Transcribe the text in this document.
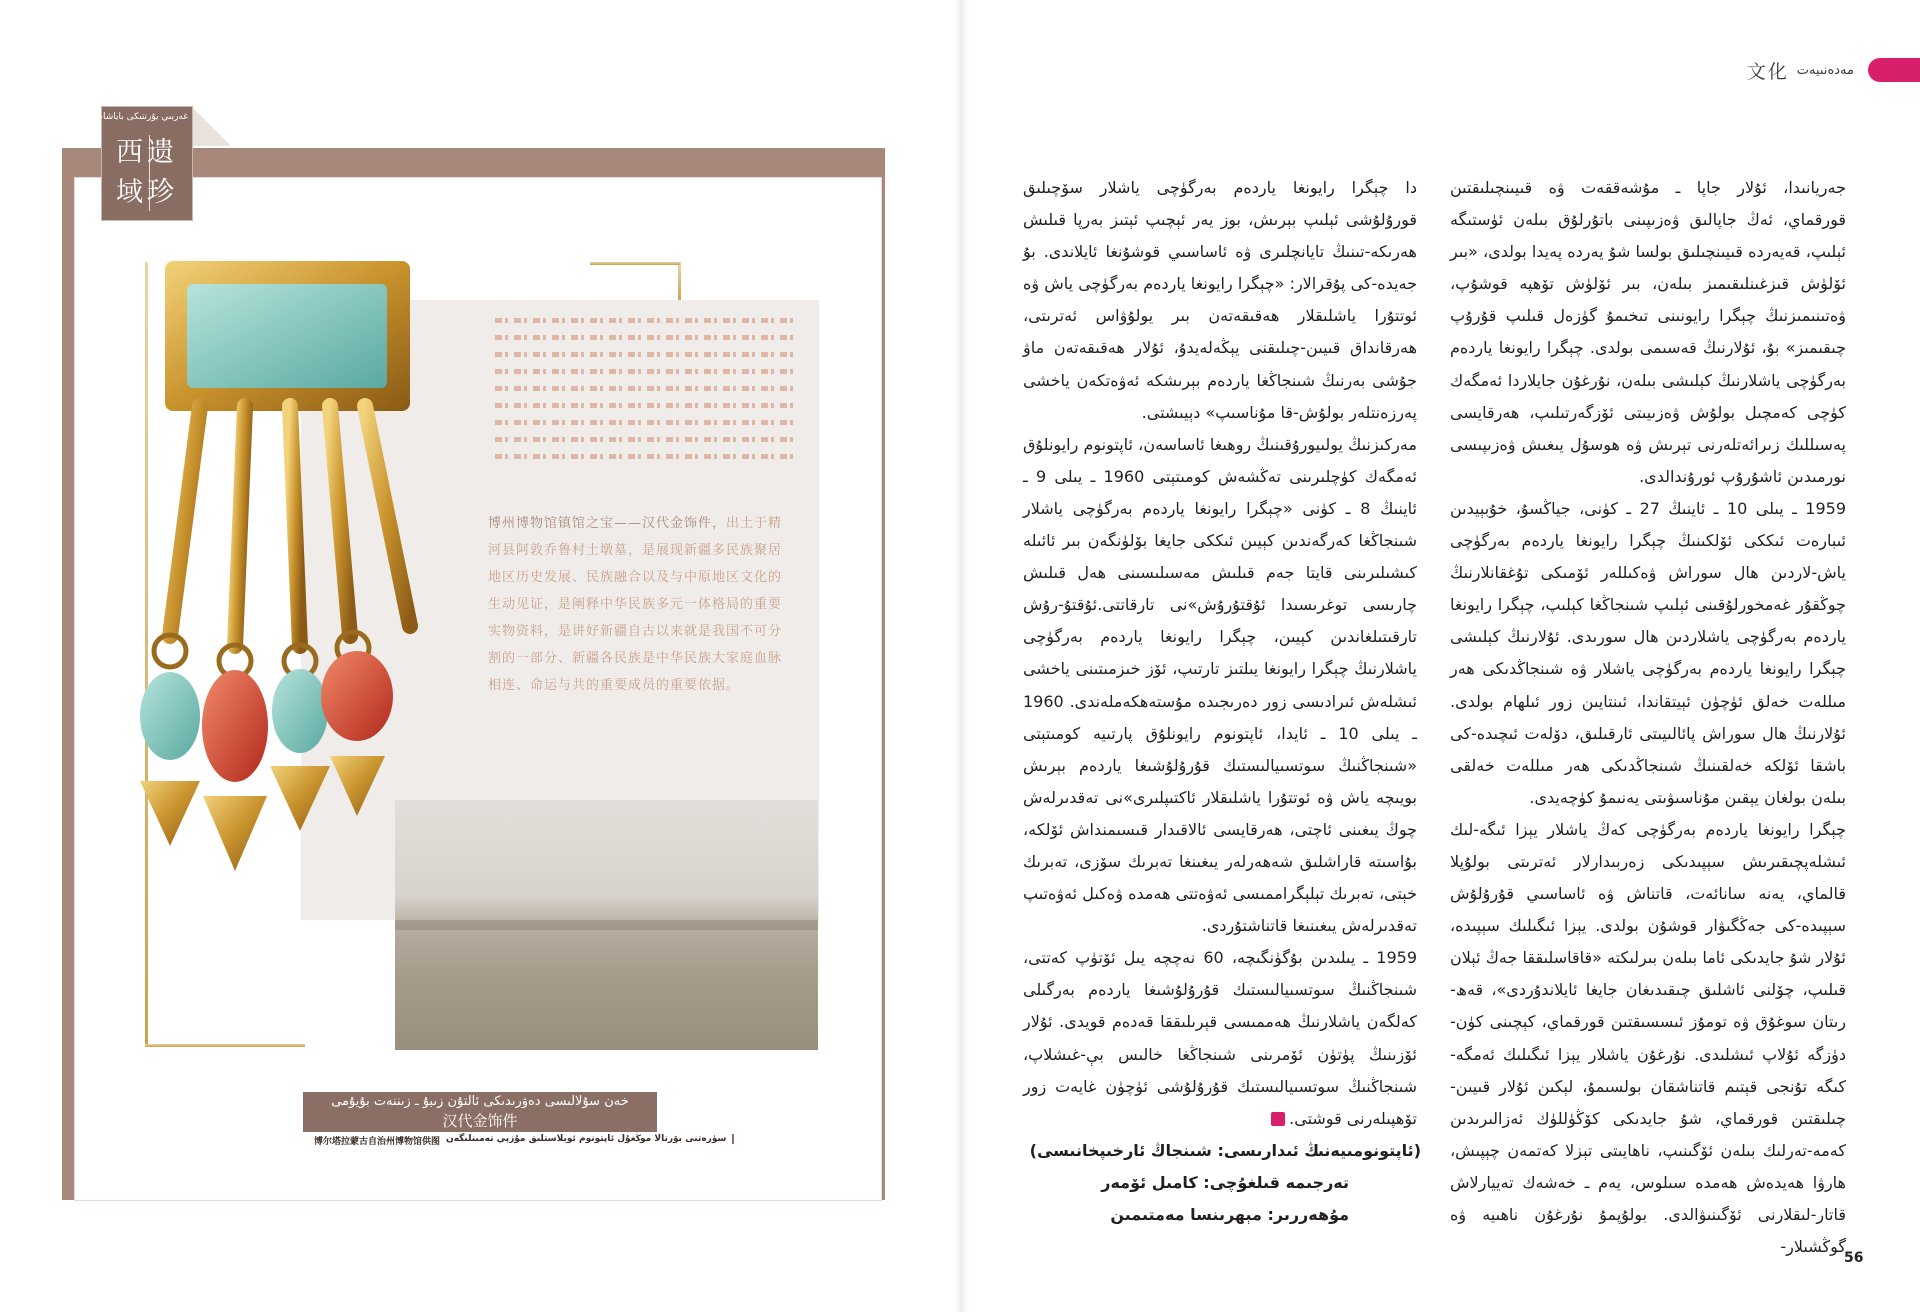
文化 مەدەنىيەت
غەربىي يۇرتتىكى باياشات تىزمىلار
西遗 域珍
博州博物馆镇馆之宝——汉代金饰件，出土于精河县阿敦乔鲁村土墩墓，是展现新疆多民族聚居地区历史发展、民族融合以及与中原地区文化的生动见证，是阐释中华民族多元一体格局的重要实物资料，是讲好新疆自古以来就是我国不可分割的一部分、新疆各民族是中华民族大家庭血脉相连、命运与共的重要成员的重要依据。
خەن سۇلالىسى دەۋرىدىكى ئالتۇن زىبۇ ـ زىننەت بۇيۇمى
汉代金饰件
博尔塔拉蒙古自治州博物馆供图 سۈرەتنى بۆرتالا موڭغۇل ئاپتونوم ئوبلاستلىق مۇزېي تەمىنلىگەن

دا چېگرا رايونغا يارد‌ەم بەرگۈچى ياشلار سۆچىلىق قورۇلۇشى ئېلىپ بېرىش، بوز يەر ئېچىپ ئېتىز بەرپا قىلىش ھەرىكە-تىنىڭ تايانچلىرى ۋە ئاساسىي قوشۇنغا ئايلاندى. بۇ جەيدە-كى پۇقرالار: «چېگرا رايونغا يارد‌ەم بەرگۈچى ياش ۋە ئوتتۇرا ياشلىقلار ھەقىقەتەن بىر يولۇۋاس ئەترىتى، ھەرقانداق قىيىن-چىلىقنى يېڭەلەيدۇ، ئۇلار ھەقىقەتەن ماۋ جۇشى بەرنىڭ شىنجاڭغا يارد‌ەم بېرىشكە ئەۋەتكەن ياخشى پەرزەنتلەر بولۇش-قا مۇناسىپ» دېيىشتى.

مەركىزنىڭ يولىيورۇقىنىڭ روھىغا ئاساسەن، ئاپتونوم رايونلۇق ئەمگەك كۈچلىرىنى تەڭشەش كومىتېتى 1960 ـ يىلى 9 ـ ئاينىڭ 8 ـ كۈنى «چېگرا رايونغا يارد‌ەم بەرگۈچى ياشلار شىنجاڭغا كەرگەندىن كېيىن ئىككى جايغا بۆلۈنگەن بىر ئائىلە كىشىلىرىنى قايتا جەم قىلىش مەسىلىسىنى ھەل قىلىش چارىسى توغرىسىدا ئۇقتۇرۇش»نى تارقاتتى.ئۇقتۇ-رۇش تارقىتىلغاندىن كېيىن، چېگرا رايونغا يارد‌ەم بەرگۈچى ياشلارنىڭ چېگرا رايونغا يىلتىز تارتىپ، ئۆز خىزمىتىنى ياخشى ئىشلەش ئىرادىسى زور دەرىجىدە مۇستەھكەملەندى. 1960 ـ يىلى 10 ـ ئايدا، ئاپتونوم رايونلۇق پارتىيە كومىتېتى «شىنجاڭنىڭ سوتسىيالىستىك قۇرۇلۇشىغا يارد‌ەم بېرىش بويىچە ياش ۋە ئوتتۇرا ياشلىقلار ئاكتىپلىرى»نى تەقدىرلەش چوڭ يىغىنى ئاچتى، ھەرقايسى ئالاقىدار قىسىمنداش ئۆلكە، بۇاسىتە قاراشلىق شەھەرلەر يىغىنغا تەبرىك سۆزى، تەبرىك خېتى، تەبرىك تېلېگراممىسى ئەۋەتتى ھەمدە ۋەكىل ئەۋەتىپ تەقدىرلەش يىغىنىغا قاتناشتۇردى.

1959 ـ يىلىدىن بۇگۈنگىچە، 60 نەچچە يىل ئۆتۈپ كەتتى، شىنجاڭنىڭ سوتسىيالىستىك قۇرۇلۇشىغا يارد‌ەم بەرگىلى كەلگەن ياشلارنىڭ ھەممىسى قېرىلىققا قەدەم قويدى. ئۇلار ئۆزىنىڭ پۈتۈن ئۆمرىنى شىنجاڭغا خالىس بې-غىشلاپ، شىنجاڭنىڭ سوتسىيالىستىك قۇرۇلۇشى ئۈچۈن غايەت زور تۆھپىلەرنى قوشتى.

(ئاپتونومىيەنىڭ ئىدارىسى: شىنجاڭ ئارخىپخانىسى)
تەرجىمە قىلغۇچى: كامىل ئۆمەر
مۇھەررىر: مېھرىنسا مەمتىمىن

جەريانىدا، ئۇلار جاپا ـ مۇشەققەت ۋە قىيىنچىلىقتىن قورقماي، ئەڭ جاپالىق ۋەزىپىنى باتۇرلۇق بىلەن ئۈستىگە ئېلىپ، قەيەردە قىيىنچىلىق بولسا شۇ يەردە پەيدا بولدى، «بىر ئۆلۈش قىزغىنلىقىمىز بىلەن، بىر ئۆلۈش تۆھپە قوشۇپ، ۋەتىنىمىزنىڭ چېگرا رايونىنى تىخىمۇ گۈزەل قىلىپ قۇرۇپ چىقىمىز» بۇ، ئۇلارنىڭ قەسىمى بولدى. چېگرا رايونغا يارد‌ەم بەرگۈچى ياشلارنىڭ كېلىشى بىلەن، نۇرغۇن جايلاردا ئەمگەك كۈچى كەمچىل بولۇش ۋەزىيىتى ئۆزگەرتىلىپ، ھەرقايسى پەسىللىك زىرائەتلەرنى تېرىش ۋە ھوسۇل يىغىش ۋەزىپىسى نورمىدىن ئاشۇرۇپ ئورۇندالدى.

1959 ـ يىلى 10 ـ ئاينىڭ 27 ـ كۈنى، جياڭسۇ، خۇبېيدىن ئىبارەت ئىككى ئۆلكىنىڭ چېگرا رايونغا يارد‌ەم بەرگۈچى ياش-لاردىن ھال سوراش ۋەكىللەر ئۆمىكى تۇغقانلارنىڭ چوڭقۇر غەمخورلۇقىنى ئېلىپ شىنجاڭغا كېلىپ، چېگرا رايونغا يارد‌ەم بەرگۈچى ياشلاردىن ھال سورىدى. ئۇلارنىڭ كېلىشى چېگرا رايونغا يارد‌ەم بەرگۈچى ياشلار ۋە شىنجاڭدىكى ھەر مىللەت خەلق ئۈچۈن ئېيتقاندا، ئىنتايىن زور ئىلھام بولدى. ئۇلارنىڭ ھال سوراش پائالىيىتى ئارقىلىق، دۆلەت ئىچىدە-كى باشقا ئۆلكە خەلقىنىڭ شىنجاڭدىكى ھەر مىللەت خەلقى بىلەن بولغان يېقىن مۇناسىۋىتى يەنىمۇ كۈچەيدى.

چېگرا رايونغا يارد‌ەم بەرگۈچى كەڭ ياشلار يېزا ئىگە-لىك ئىشلەپچىقىرىش سېپىدىكى زەربىدارلار ئەترىتى بولۇپلا قالماي، يەنە سانائەت، قاتناش ۋە ئاساسىي قۇرۇلۇش سېپىدە-كى جەڭگىۋار قوشۇن بولدى. يېزا ئىگىلىك سېپىدە، ئۇلار شۇ جايدىكى ئاما بىلەن بىرلىكتە «قاقاسلىققا جەڭ ئېلان قىلىپ، چۆلنى ئاشلىق چىقىدىغان جايغا ئايلاندۇردى»، قەھ-رىتان سوغۇق ۋە تومۇز ئىسسىقتىن قورقماي، كېچىنى كۈن-دۈزگە ئۇلاپ ئىشلىدى. نۇرغۇن ياشلار يېزا ئىگىلىك ئەمگە-كىگە تۇنجى قېتىم قاتناشقان بولسىمۇ، لېكىن ئۇلار قىيىن-چىلىقتىن قورقماي، شۇ جايدىكى كۆڭۈللۈك ئەزالىرىدىن كەمە-تەرلىك بىلەن ئۆگىنىپ، ناھايىتى تېزلا كەتمەن چېپىش، ھارۋا ھەيدەش ھەمدە سىلوس، يەم ـ خەشەك تەييارلاش قاتار-لىقلارنى ئۆگىنىۋالدى. بولۇپمۇ نۇرغۇن ناھىيە ۋە گوڭشىلار-

56
